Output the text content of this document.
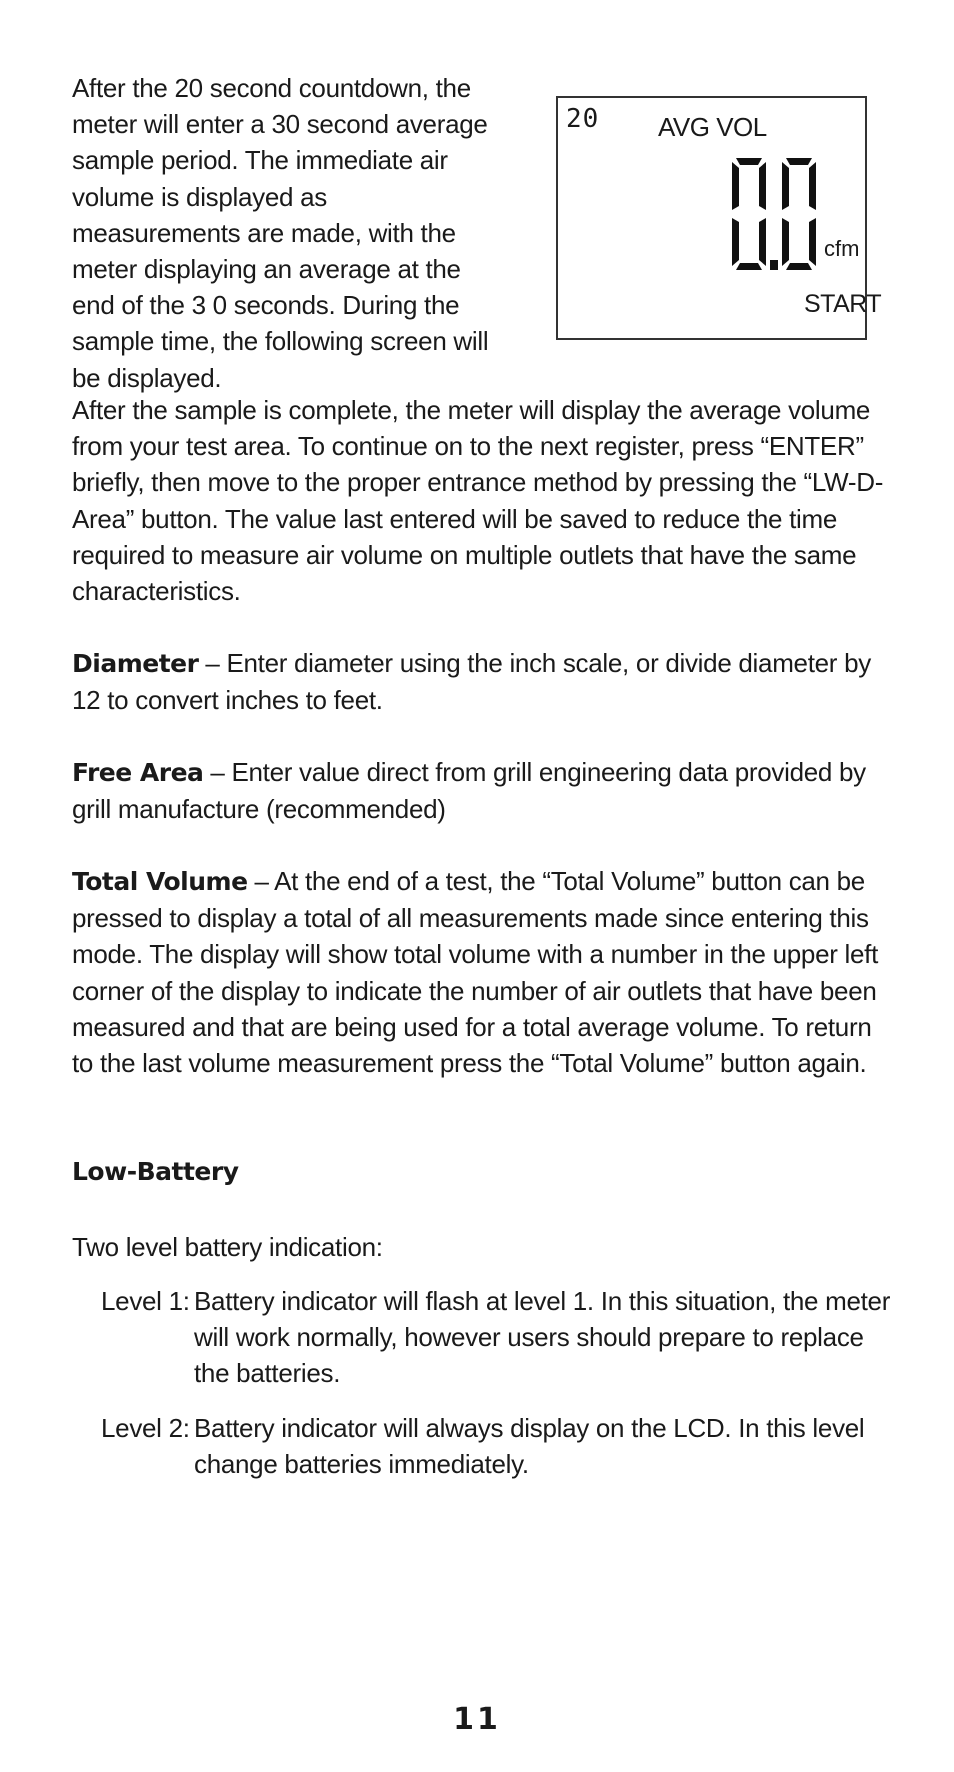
After the 20 second countdown, the meter will enter a 30 second average sample period. The immediate air volume is displayed as measurements are made, with the meter displaying an average at the end of the 3 0 seconds. During the sample time, the following screen will be displayed.
20 AVG VOL
cfm
START

After the sample is complete, the meter will display the average volume from your test area. To continue on to the next register, press “ENTER” briefly, then move to the proper entrance method by pressing the “LW-D-Area” button. The value last entered will be saved to reduce the time required to measure air volume on multiple outlets that have the same characteristics.

Diameter – Enter diameter using the inch scale, or divide diameter by 12 to convert inches to feet.

Free Area – Enter value direct from grill engineering data provided by grill manufacture (recommended)

Total Volume – At the end of a test, the “Total Volume” button can be pressed to display a total of all measurements made since entering this mode. The display will show total volume with a number in the upper left corner of the display to indicate the number of air outlets that have been measured and that are being used for a total average volume. To return to the last volume measurement press the “Total Volume” button again.

Low-Battery

Two level battery indication:

Level 1: Battery indicator will flash at level 1. In this situation, the meter will work normally, however users should prepare to replace the batteries.
Level 2: Battery indicator will always display on the LCD. In this level change batteries immediately.
11
